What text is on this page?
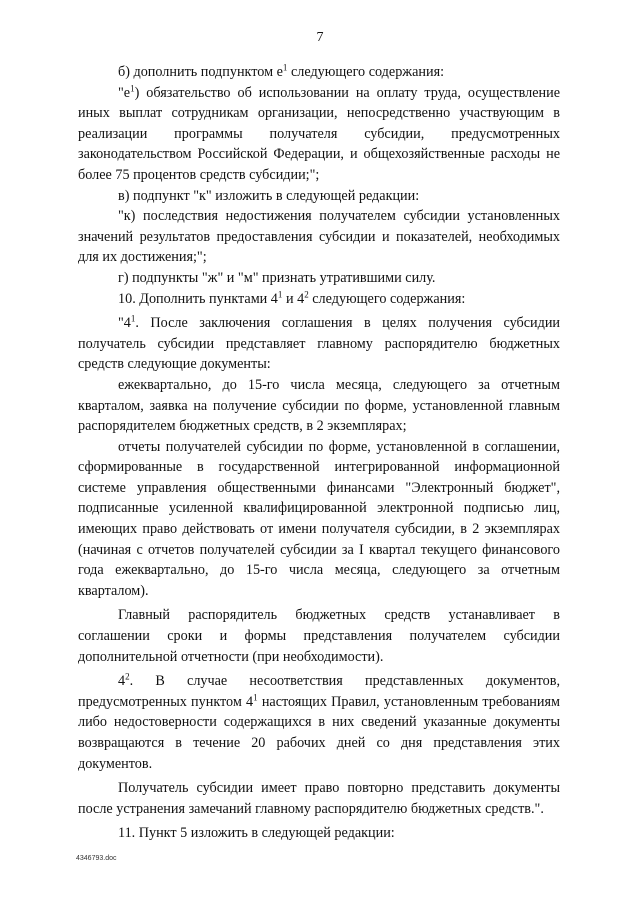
7

б) дополнить подпунктом $е^1$ следующего содержания:

"$е^1$) обязательство об использовании на оплату труда, осуществление иных выплат сотрудникам организации, непосредственно участвующим в реализации программы получателя субсидии, предусмотренных законодательством Российской Федерации, и общехозяйственные расходы не более 75 процентов средств субсидии;";

в) подпункт "к" изложить в следующей редакции:

"к) последствия недостижения получателем субсидии установленных значений результатов предоставления субсидии и показателей, необходимых для их достижения;";

г) подпункты "ж" и "м" признать утратившими силу.

10. Дополнить пунктами $4^1$ и $4^2$ следующего содержания:

"$4^1$. После заключения соглашения в целях получения субсидии получатель субсидии представляет главному распорядителю бюджетных средств следующие документы:

ежеквартально, до 15-го числа месяца, следующего за отчетным кварталом, заявка на получение субсидии по форме, установленной главным распорядителем бюджетных средств, в 2 экземплярах;

отчеты получателей субсидии по форме, установленной в соглашении, сформированные в государственной интегрированной информационной системе управления общественными финансами "Электронный бюджет", подписанные усиленной квалифицированной электронной подписью лиц, имеющих право действовать от имени получателя субсидии, в 2 экземплярах (начиная с отчетов получателей субсидии за I квартал текущего финансового года ежеквартально, до 15-го числа месяца, следующего за отчетным кварталом).

Главный распорядитель бюджетных средств устанавливает в соглашении сроки и формы представления получателем субсидии дополнительной отчетности (при необходимости).

$4^2$. В случае несоответствия представленных документов, предусмотренных пунктом $4^1$ настоящих Правил, установленным требованиям либо недостоверности содержащихся в них сведений указанные документы возвращаются в течение 20 рабочих дней со дня представления этих документов.

Получатель субсидии имеет право повторно представить документы после устранения замечаний главному распорядителю бюджетных средств.".

11. Пункт 5 изложить в следующей редакции:

4346793.doc
